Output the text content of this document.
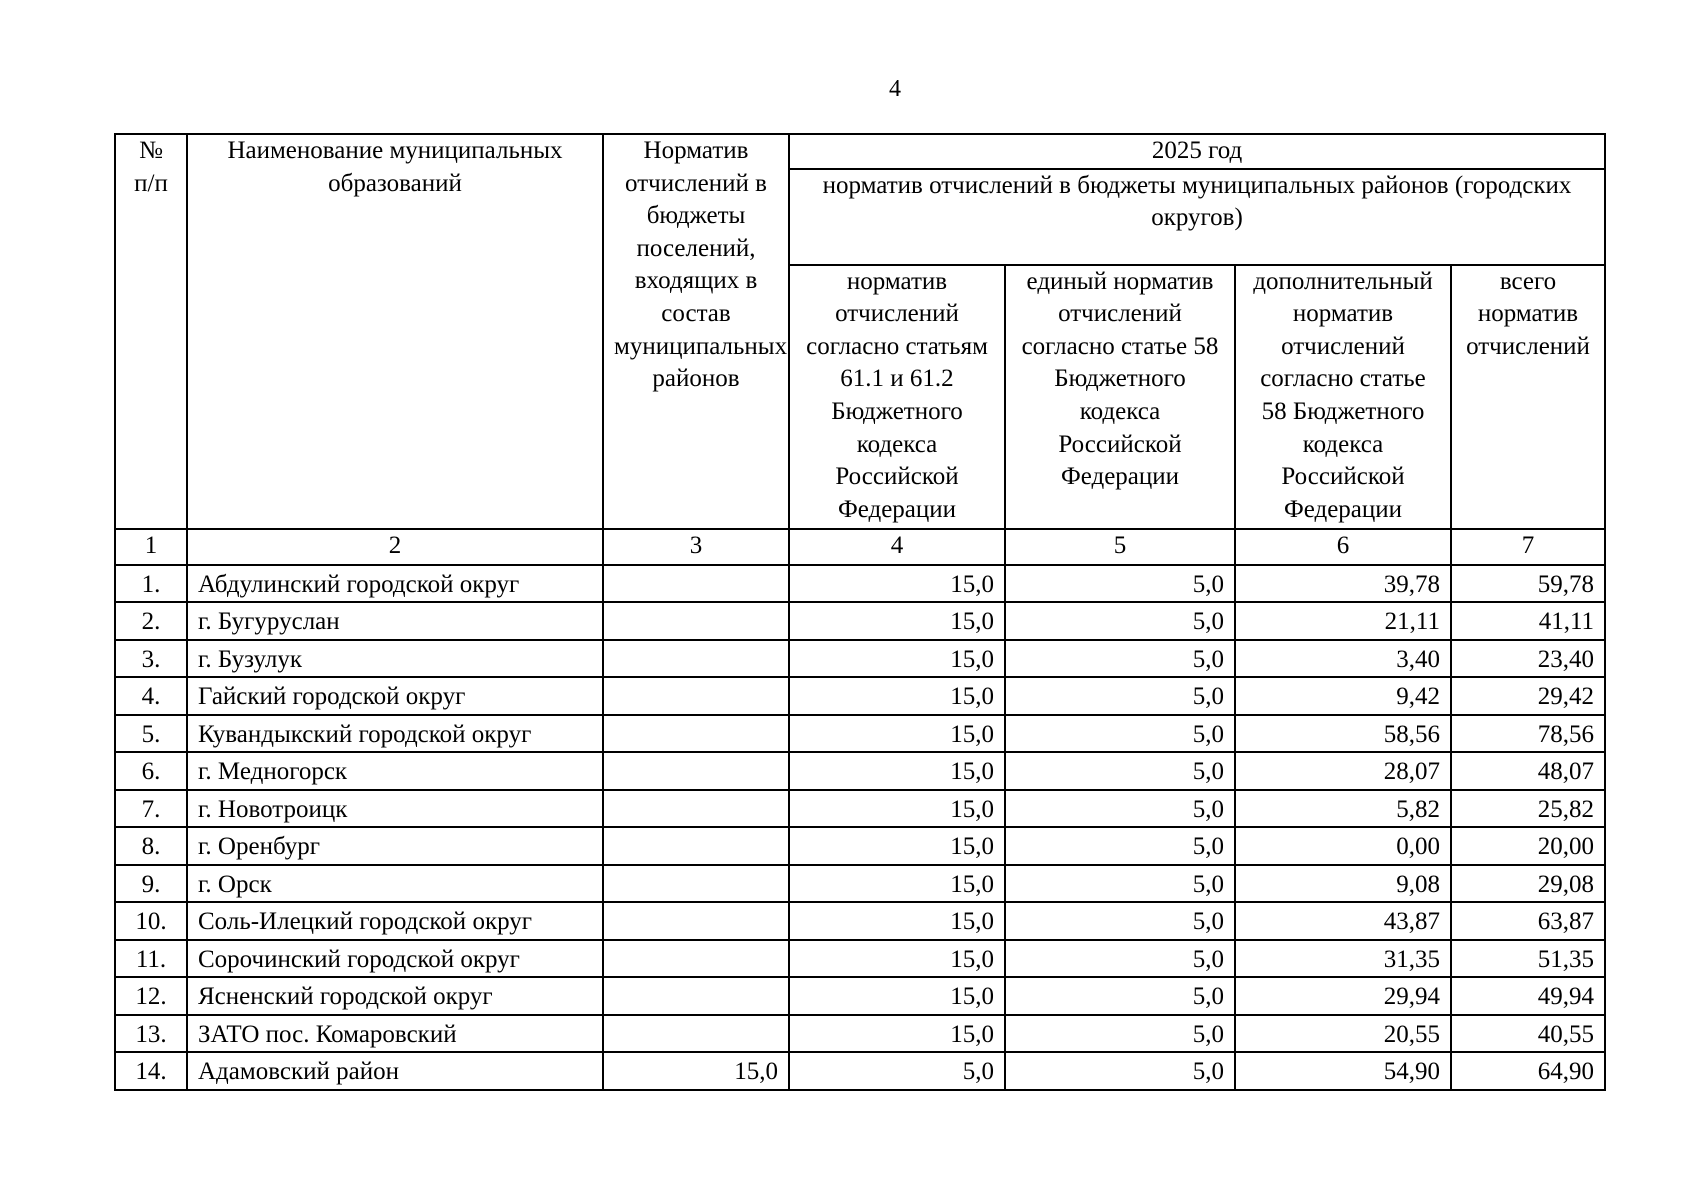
4
№ п/п	Наименование муниципальных образований	Норматив отчислений в бюджеты поселений, входящих в состав муниципальных районов	2025 год			
			норматив отчислений в бюджеты муниципальных районов (городских округов)			
			норматив отчислений согласно статьям 61.1 и 61.2 Бюджетного кодекса Российской Федерации	единый норматив отчислений согласно статье 58 Бюджетного кодекса Российской Федерации	дополнительный норматив отчислений согласно статье 58 Бюджетного кодекса Российской Федерации	всего норматив отчислений
1	2	3	4	5	6	7
1.	Абдулинский городской округ		15,0	5,0	39,78	59,78
2.	г. Бугуруслан		15,0	5,0	21,11	41,11
3.	г. Бузулук		15,0	5,0	3,40	23,40
4.	Гайский городской округ		15,0	5,0	9,42	29,42
5.	Кувандыкский городской округ		15,0	5,0	58,56	78,56
6.	г. Медногорск		15,0	5,0	28,07	48,07
7.	г. Новотроицк		15,0	5,0	5,82	25,82
8.	г. Оренбург		15,0	5,0	0,00	20,00
9.	г. Орск		15,0	5,0	9,08	29,08
10.	Соль-Илецкий городской округ		15,0	5,0	43,87	63,87
11.	Сорочинский городской округ		15,0	5,0	31,35	51,35
12.	Ясненский городской округ		15,0	5,0	29,94	49,94
13.	ЗАТО пос. Комаровский		15,0	5,0	20,55	40,55
14.	Адамовский район	15,0	5,0	5,0	54,90	64,90
